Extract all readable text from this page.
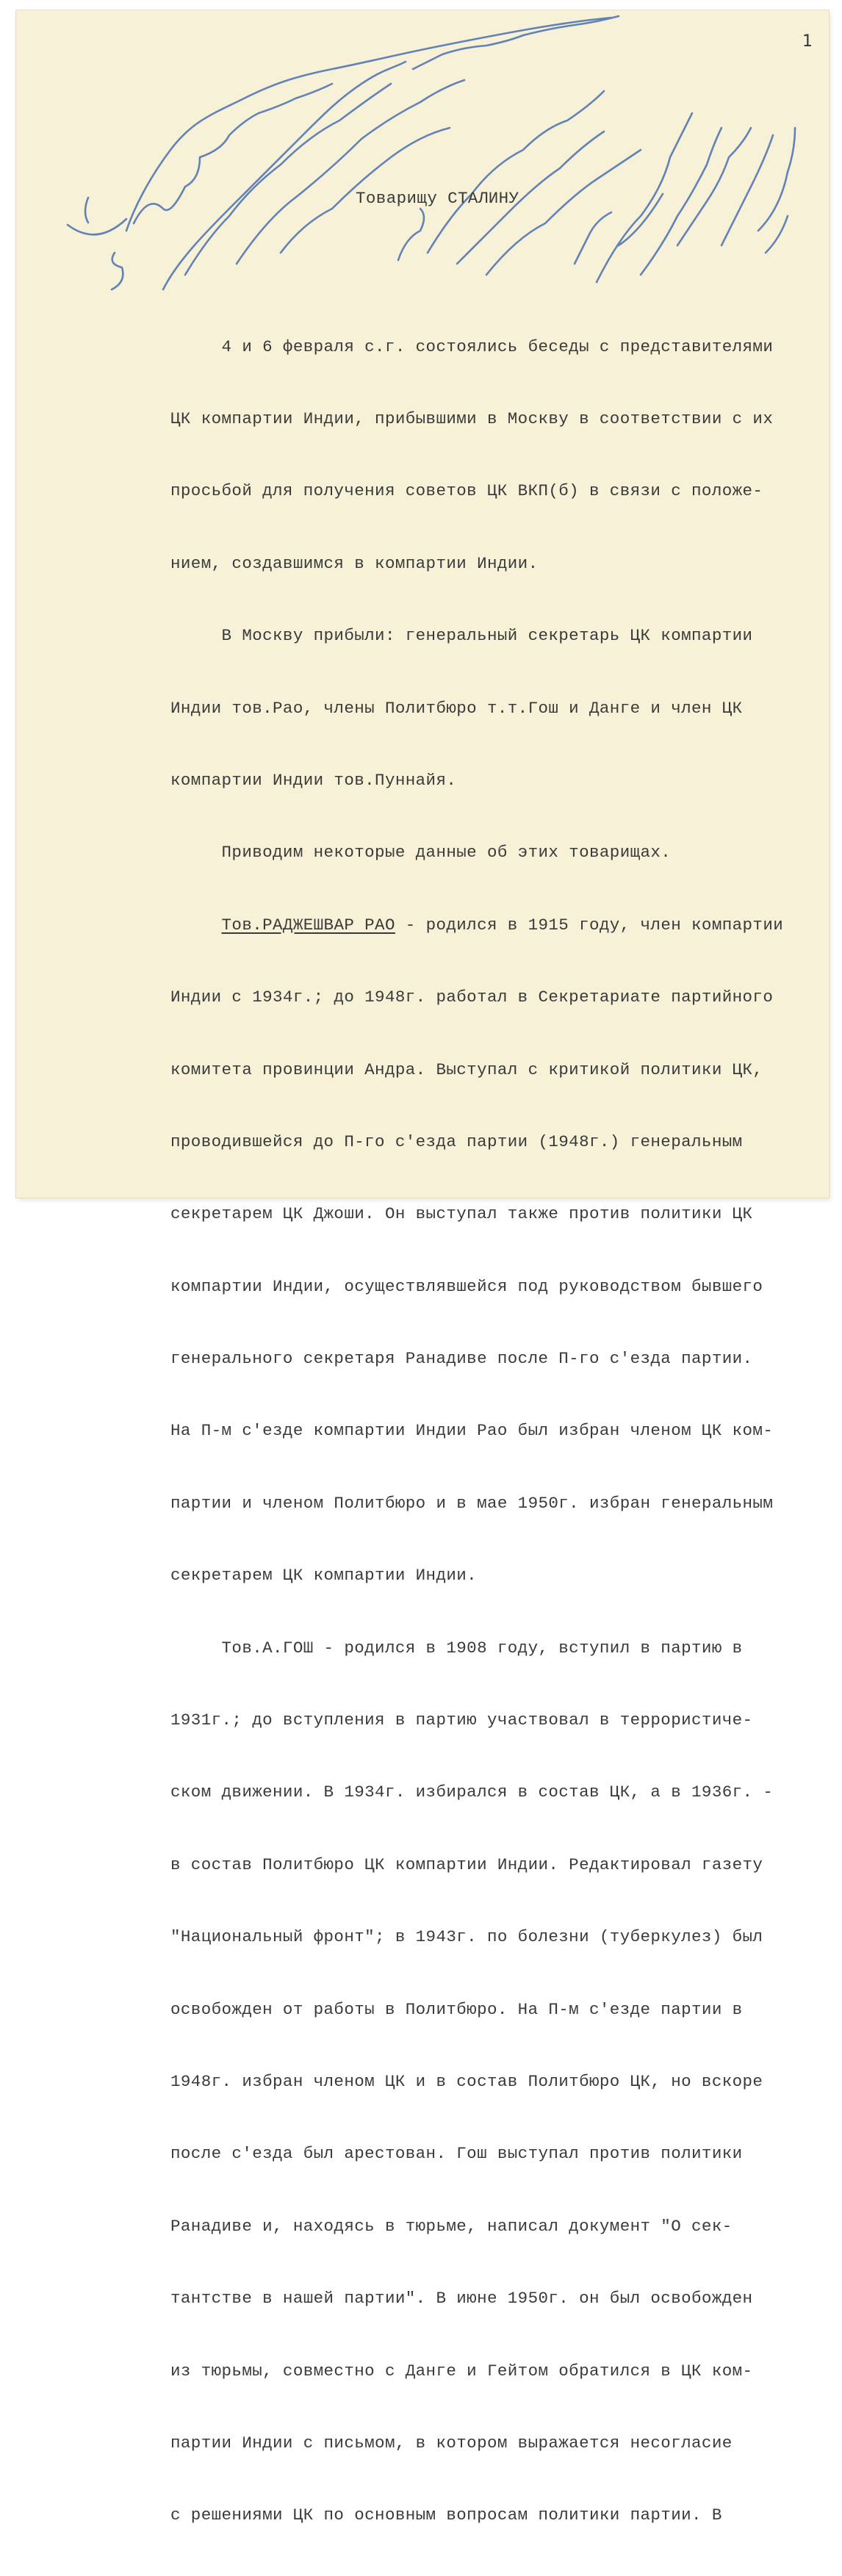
1
Товарищу СТАЛИНУ

4 и 6 февраля с.г. состоялись беседы с представителями

ЦК компартии Индии, прибывшими в Москву в соответствии с их

просьбой для получения советов ЦК ВКП(б) в связи с положе-

нием, создавшимся в компартии Индии.

В Москву прибыли: генеральный секретарь ЦК компартии

Индии тов.Рао, члены Политбюро т.т.Гош и Данге и член ЦК

компартии Индии тов.Пуннайя.

Приводим некоторые данные об этих товарищах.

Тов.РАДЖЕШВАР РАО - родился в 1915 году, член компартии

Индии с 1934г.; до 1948г. работал в Секретариате партийного

комитета провинции Андра. Выступал с критикой политики ЦК,

проводившейся до П-го с'езда партии (1948г.) генеральным

секретарем ЦК Джоши. Он выступал также против политики ЦК

компартии Индии, осуществлявшейся под руководством бывшего

генерального секретаря Ранадиве после П-го с'езда партии.

На П-м с'езде компартии Индии Рао был избран членом ЦК ком-

партии и членом Политбюро и в мае 1950г. избран генеральным

секретарем ЦК компартии Индии.

Тов.А.ГОШ - родился в 1908 году, вступил в партию в

1931г.; до вступления в партию участвовал в террористиче-

ском движении. В 1934г. избирался в состав ЦК, а в 1936г. -

в состав Политбюро ЦК компартии Индии. Редактировал газету

"Национальный фронт"; в 1943г. по болезни (туберкулез) был

освобожден от работы в Политбюро. На П-м с'езде партии в

1948г. избран членом ЦК и в состав Политбюро ЦК, но вскоре

после с'езда был арестован. Гош выступал против политики

Ранадиве и, находясь в тюрьме, написал документ "О сек-

тантстве в нашей партии". В июне 1950г. он был освобожден

из тюрьмы, совместно с Данге и Гейтом обратился в ЦК ком-

партии Индии с письмом, в котором выражается несогласие

с решениями ЦК по основным вопросам политики партии. В
